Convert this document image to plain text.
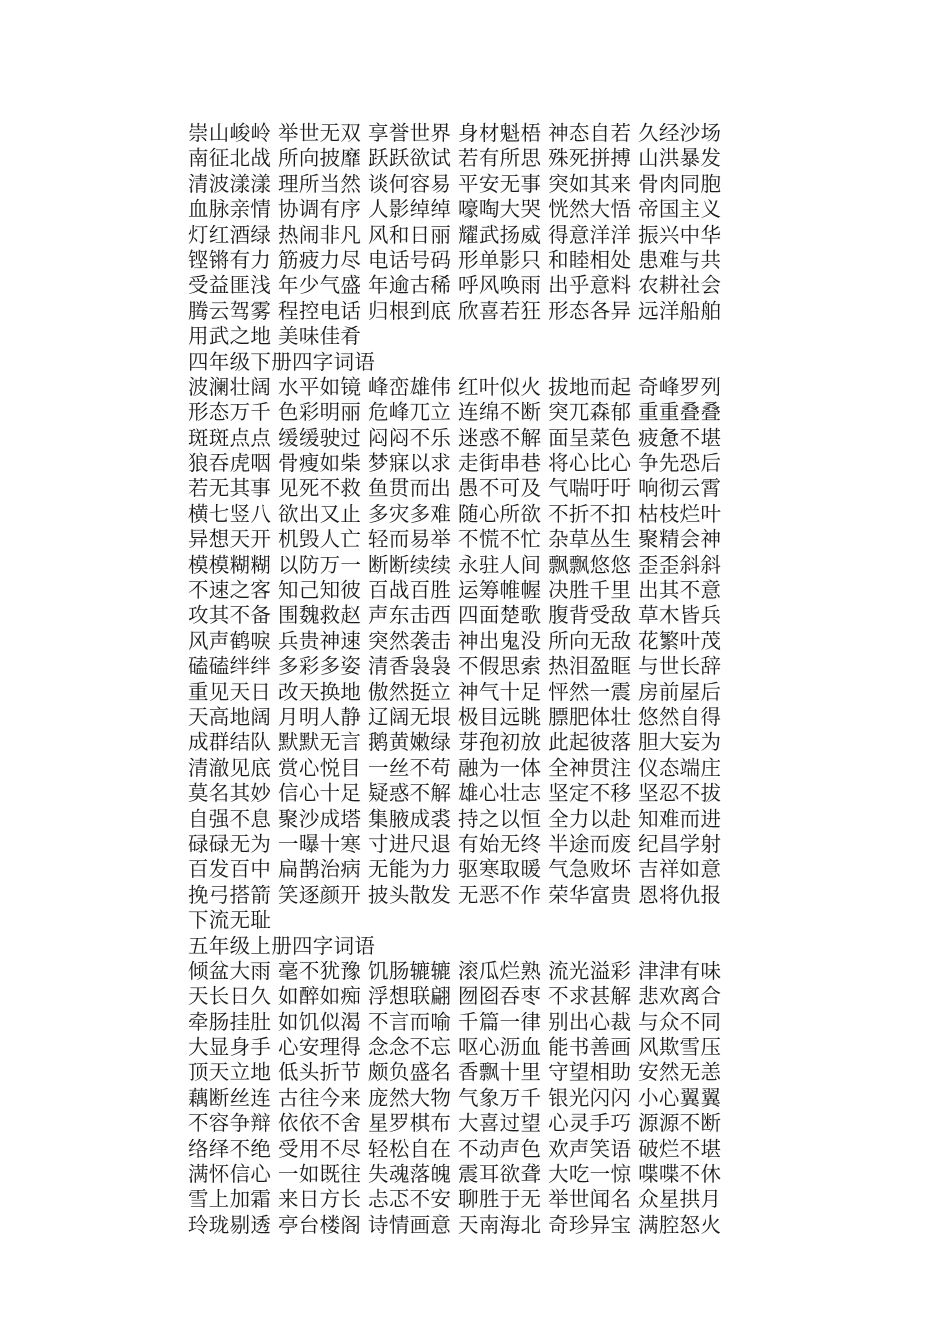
崇山峻岭 举世无双 享誉世界 身材魁梧 神态自若 久经沙场
南征北战 所向披靡 跃跃欲试 若有所思 殊死拼搏 山洪暴发
清波漾漾 理所当然 谈何容易 平安无事 突如其来 骨肉同胞
血脉亲情 协调有序 人影绰绰 嚎啕大哭 恍然大悟 帝国主义
灯红酒绿 热闹非凡 风和日丽 耀武扬威 得意洋洋 振兴中华
铿锵有力 筋疲力尽 电话号码 形单影只 和睦相处 患难与共
受益匪浅 年少气盛 年逾古稀 呼风唤雨 出乎意料 农耕社会
腾云驾雾 程控电话 归根到底 欣喜若狂 形态各异 远洋船舶
用武之地 美味佳肴
四年级下册四字词语
波澜壮阔 水平如镜 峰峦雄伟 红叶似火 拔地而起 奇峰罗列
形态万千 色彩明丽 危峰兀立 连绵不断 突兀森郁 重重叠叠
斑斑点点 缓缓驶过 闷闷不乐 迷惑不解 面呈菜色 疲惫不堪
狼吞虎咽 骨瘦如柴 梦寐以求 走街串巷 将心比心 争先恐后
若无其事 见死不救 鱼贯而出 愚不可及 气喘吁吁 响彻云霄
横七竖八 欲出又止 多灾多难 随心所欲 不折不扣 枯枝烂叶
异想天开 机毁人亡 轻而易举 不慌不忙 杂草丛生 聚精会神
模模糊糊 以防万一 断断续续 永驻人间 飘飘悠悠 歪歪斜斜
不速之客 知己知彼 百战百胜 运筹帷幄 决胜千里 出其不意
攻其不备 围魏救赵 声东击西 四面楚歌 腹背受敌 草木皆兵
风声鹤唳 兵贵神速 突然袭击 神出鬼没 所向无敌 花繁叶茂
磕磕绊绊 多彩多姿 清香袅袅 不假思索 热泪盈眶 与世长辞
重见天日 改天换地 傲然挺立 神气十足 怦然一震 房前屋后
天高地阔 月明人静 辽阔无垠 极目远眺 膘肥体壮 悠然自得
成群结队 默默无言 鹅黄嫩绿 芽孢初放 此起彼落 胆大妄为
清澈见底 赏心悦目 一丝不苟 融为一体 全神贯注 仪态端庄
莫名其妙 信心十足 疑惑不解 雄心壮志 坚定不移 坚忍不拔
自强不息 聚沙成塔 集腋成裘 持之以恒 全力以赴 知难而进
碌碌无为 一曝十寒 寸进尺退 有始无终 半途而废 纪昌学射
百发百中 扁鹊治病 无能为力 驱寒取暖 气急败坏 吉祥如意
挽弓搭箭 笑逐颜开 披头散发 无恶不作 荣华富贵 恩将仇报
下流无耻
五年级上册四字词语
倾盆大雨 毫不犹豫 饥肠辘辘 滚瓜烂熟 流光溢彩 津津有味
天长日久 如醉如痴 浮想联翩 囫囵吞枣 不求甚解 悲欢离合
牵肠挂肚 如饥似渴 不言而喻 千篇一律 别出心裁 与众不同
大显身手 心安理得 念念不忘 呕心沥血 能书善画 风欺雪压
顶天立地 低头折节 颇负盛名 香飘十里 守望相助 安然无恙
藕断丝连 古往今来 庞然大物 气象万千 银光闪闪 小心翼翼
不容争辩 依依不舍 星罗棋布 大喜过望 心灵手巧 源源不断
络绎不绝 受用不尽 轻松自在 不动声色 欢声笑语 破烂不堪
满怀信心 一如既往 失魂落魄 震耳欲聋 大吃一惊 喋喋不休
雪上加霜 来日方长 忐忑不安 聊胜于无 举世闻名 众星拱月
玲珑剔透 亭台楼阁 诗情画意 天南海北 奇珍异宝 满腔怒火
